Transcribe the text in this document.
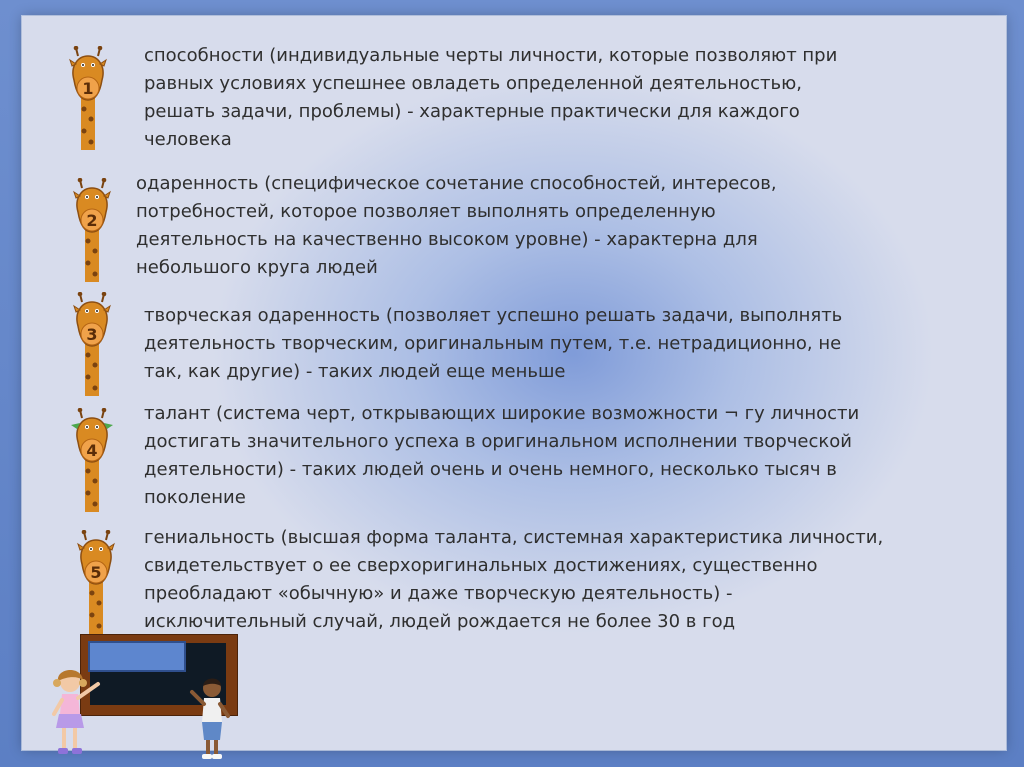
1
способности (индивидуальные черты личности, которые позволяют при
равных условиях успешнее овладеть определенной деятельностью,
решать задачи, проблемы) - характерные практически для каждого
человека
2
одаренность (специфическое сочетание способностей, интересов,
потребностей, которое позволяет выполнять определенную
деятельность на качественно высоком уровне) - характерна для
небольшого круга людей
3
творческая одаренность (позволяет успешно решать задачи, выполнять
деятельность творческим, оригинальным путем, т.е. нетрадиционно, не
так, как другие) - таких людей еще меньше
4
талант (система черт, открывающих широкие возможности ¬ гу личности
достигать значительного успеха в оригинальном исполнении творческой
деятельности) - таких людей очень и очень немного, несколько тысяч в
поколение
5
гениальность (высшая форма таланта, системная характеристика личности,
свидетельствует о ее сверхоригинальных достижениях, существенно
преобладают «обычную» и даже творческую деятельность) -
исключительный случай, людей рождается не более 30 в год
